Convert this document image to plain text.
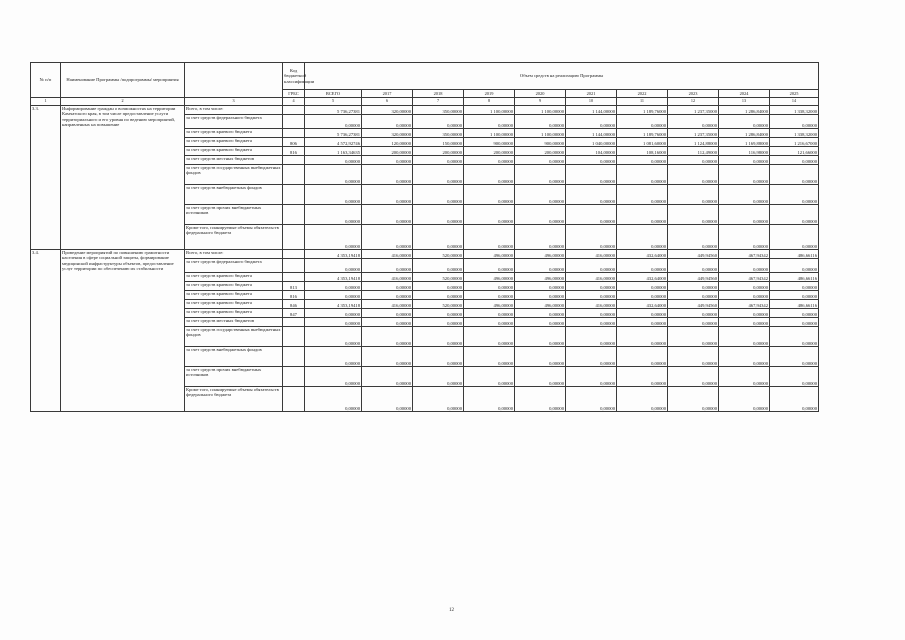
№ п/п	Наименование Программы /подпрограммы/ мероприятия		Код бюджетной классификации	Объем средств на реализацию Программы									
			ГРБС	ВСЕГО	2017	2018	2019	2020	2021	2022	2023	2024	2025
1	2	3	4	5	6	7	8	9	10	11	12	13	14
3.3.	Информирование граждан о возможностях на территории Камчатского края, в том числе предоставление услуги территориального и его уровня по ведению мероприятий, направленных на повышение	Всего, в том числе:		5 736,27381	320,00000	350,00000	1 100,00000	1 100,00000	1 144,00000	1 189,76000	1 237,35000	1 286,84000	1 338,32000
		за счет средств федерального бюджета		0,00000	0,00000	0,00000	0,00000	0,00000	0,00000	0,00000	0,00000	0,00000	0,00000
		за счет средств краевого бюджета		5 736,27381	320,00000	350,00000	1 100,00000	1 100,00000	1 144,00000	1 189,76000	1 237,35000	1 286,84000	1 338,32000
		за счет средств краевого бюджета	806	4 572,92746	120,00000	150,00000	900,00000	900,00000	1 040,00000	1 081,60000	1 124,88000	1 169,88000	1 216,67000
		за счет средств краевого бюджета	816	1 163,34635	200,00000	200,00000	200,00000	200,00000	104,00000	108,16000	112,49000	116,98000	121,66000
		за счет средств местных бюджетов		0,00000	0,00000	0,00000	0,00000	0,00000	0,00000	0,00000	0,00000	0,00000	0,00000
		за счет средств государственных внебюджетных фондов		0,00000	0,00000	0,00000	0,00000	0,00000	0,00000	0,00000	0,00000	0,00000	0,00000
		за счет средств внебюджетных фондов		0,00000	0,00000	0,00000	0,00000	0,00000	0,00000	0,00000	0,00000	0,00000	0,00000
		за счет средств прочих внебюджетных источников		0,00000	0,00000	0,00000	0,00000	0,00000	0,00000	0,00000	0,00000	0,00000	0,00000
		Кроме того, планируемые объемы обязательств федерального бюджета		0,00000	0,00000	0,00000	0,00000	0,00000	0,00000	0,00000	0,00000	0,00000	0,00000
3.4.	Проведение мероприятий по повышению грамотности населения в сфере социальной защиты, формирование медицинской инфраструктуры объектов, предоставление услуг территории по обеспечению их стабильности	Всего, в том числе:		4 353,19418	416,00000	520,00000	496,00000	496,00000	416,00000	432,64000	449,94560	467,94342	486,66116
		за счет средств федерального бюджета		0,00000	0,00000	0,00000	0,00000	0,00000	0,00000	0,00000	0,00000	0,00000	0,00000
		за счет средств краевого бюджета		4 353,19418	416,00000	520,00000	496,00000	496,00000	416,00000	432,64000	449,94560	467,94342	486,66116
		за счет средств краевого бюджета	813	0,00000	0,00000	0,00000	0,00000	0,00000	0,00000	0,00000	0,00000	0,00000	0,00000
		за счет средств краевого бюджета	816	0,00000	0,00000	0,00000	0,00000	0,00000	0,00000	0,00000	0,00000	0,00000	0,00000
		за счет средств краевого бюджета	846	4 353,19418	416,00000	520,00000	496,00000	496,00000	416,00000	432,64000	449,94560	467,94342	486,66116
		за счет средств краевого бюджета	847	0,00000	0,00000	0,00000	0,00000	0,00000	0,00000	0,00000	0,00000	0,00000	0,00000
		за счет средств местных бюджетов		0,00000	0,00000	0,00000	0,00000	0,00000	0,00000	0,00000	0,00000	0,00000	0,00000
		за счет средств государственных внебюджетных фондов		0,00000	0,00000	0,00000	0,00000	0,00000	0,00000	0,00000	0,00000	0,00000	0,00000
		за счет средств внебюджетных фондов		0,00000	0,00000	0,00000	0,00000	0,00000	0,00000	0,00000	0,00000	0,00000	0,00000
		за счет средств прочих внебюджетных источников		0,00000	0,00000	0,00000	0,00000	0,00000	0,00000	0,00000	0,00000	0,00000	0,00000
		Кроме того, планируемые объемы обязательств федерального бюджета		0,00000	0,00000	0,00000	0,00000	0,00000	0,00000	0,00000	0,00000	0,00000	0,00000
12
